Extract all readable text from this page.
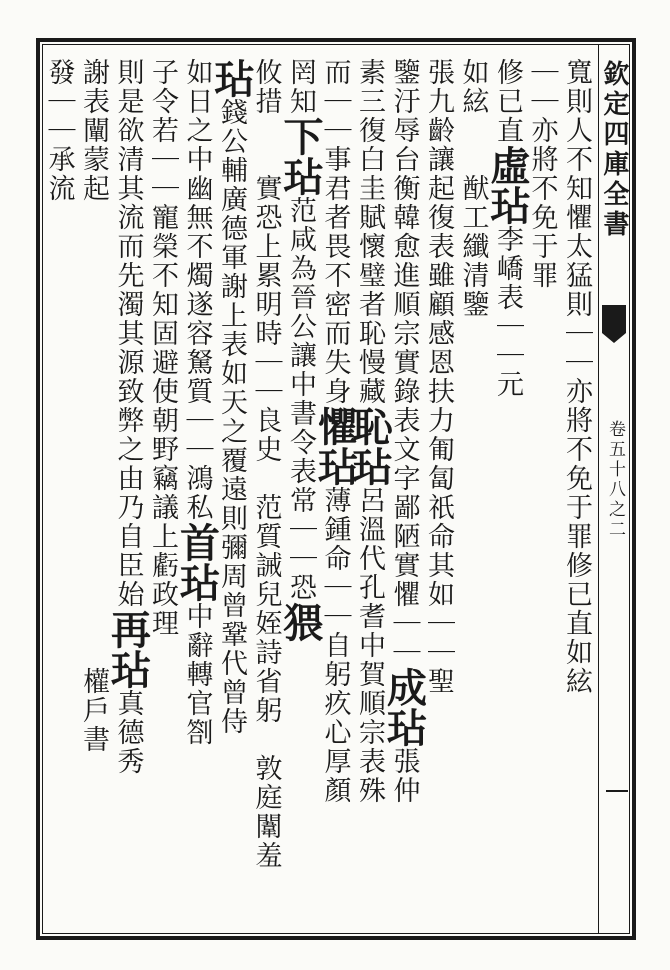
欽定四庫全書
卷五十八之二
寬則人不知懼太猛則｜｜亦將不免于罪修已直如絃
｜｜亦將不免于罪
修已直虛玷李嶠表｜｜元
如絃　　猷工纖清鑒
張九齡讓起復表雖顧感恩扶力匍匐祇命其如｜｜聖
鑒汙辱台衡韓愈進順宗實錄表文字鄙陋實懼｜｜成玷張仲
素三復白圭賦懷璧者恥慢藏恥玷呂溫代孔耆中賀順宗表殊
而｜｜事君者畏不密而失身懼玷薄鍾命｜｜自躬疚心厚顏
罔知下玷范咸為晉公讓中書令表常｜｜恐猥
攸措　　實恐上累明時｜｜良史　范質誡兒姪詩省躬　敦庭闈羞
玷錢公輔廣德軍謝上表如天之覆遠則彌周曾鞏代曾侍
如日之中幽無不燭遂容駑質｜｜鴻私首玷中辭轉官劄
子令若｜｜寵榮不知固避使朝野竊議上虧政理
則是欲清其流而先濁其源致弊之由乃自臣始再玷真德秀
謝表闡蒙起　　　　　　　　　　　　　　　　權戶書
發｜｜承流
